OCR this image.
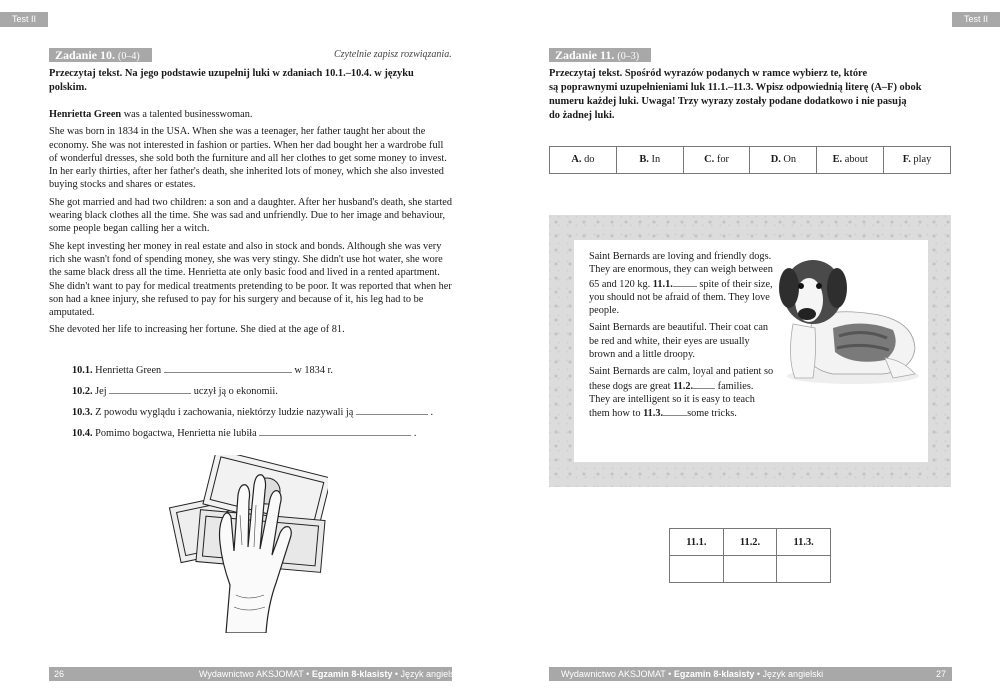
Test II	Test II
Zadanie 10. (0–4)	Czytelnie zapisz rozwiązania.
Przeczytaj tekst. Na jego podstawie uzupełnij luki w zdaniach 10.1.–10.4. w języku
polskim.

Henrietta Green was a talented businesswoman.

She was born in 1834 in the USA. When she was a teenager, her father taught her about the economy. She was not interested in fashion or parties. When her dad bought her a wardrobe full of wonderful dresses, she sold both the furniture and all her clothes to get some money to invest. In her early thirties, after her father's death, she inherited lots of money, which she also invested buying stocks and shares or estates.

She got married and had two children: a son and a daughter. After her husband's death, she started wearing black clothes all the time. She was sad and unfriendly. Due to her image and behaviour, some people began calling her a witch.

She kept investing her money in real estate and also in stock and bonds. Although she was very rich she wasn't fond of spending money, she was very stingy. She didn't use hot water, she wore the same black dress all the time. Henrietta ate only basic food and lived in a rented apartment. She didn't want to pay for medical treatments pretending to be poor. It was reported that when her son had a knee injury, she refused to pay for his surgery and because of it, his leg had to be amputated.

She devoted her life to increasing her fortune. She died at the age of 81.

10.1. Henrietta Green	w 1834 r.
10.2. Jej	uczył ją o ekonomii.
10.3. Z powodu wyglądu i zachowania, niektórzy ludzie nazywali ją	.
10.4. Pomimo bogactwa, Henrietta nie lubiła	.
Zadanie 11. (0–3)
Przeczytaj tekst. Spośród wyrazów podanych w ramce wybierz te, które
są poprawnymi uzupełnieniami luk 11.1.–11.3. Wpisz odpowiednią literę (A–F) obok
numeru każdej luki. Uwaga! Trzy wyrazy zostały podane dodatkowo i nie pasują
do żadnej luki.
A. do	B. In	C. for	D. On	E. about	F. play

Saint Bernards are loving and friendly dogs. They are enormous, they can weigh between 65 and 120 kg. 11.1.	spite of their size, you should not be afraid of them. They love people.

Saint Bernards are beautiful. Their coat can be red and white, their eyes are usually brown and a little droopy.

Saint Bernards are calm, loyal and patient so these dogs are great 11.2. families. They are intelligent so it is easy to teach them how to 11.3. some tricks.

11.1.	11.2.	11.3.

26	Wydawnictwo AKSJOMAT • Egzamin 8-klasisty • Język angielski	Wydawnictwo AKSJOMAT • Egzamin 8-klasisty • Język angielski	27
